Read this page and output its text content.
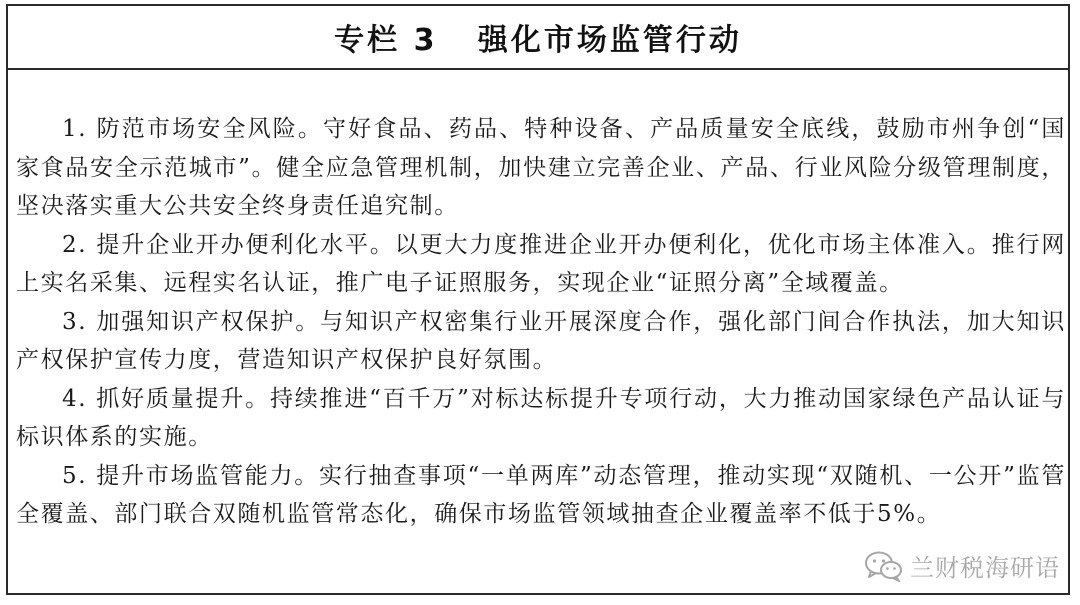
专栏 3   强化市场监管行动

1. 防范市场安全风险。守好食品、药品、特种设备、产品质量安全底线，鼓励市州争创“国家食品安全示范城市”。健全应急管理机制，加快建立完善企业、产品、行业风险分级管理制度，坚决落实重大公共安全终身责任追究制。

2. 提升企业开办便利化水平。以更大力度推进企业开办便利化，优化市场主体准入。推行网上实名采集、远程实名认证，推广电子证照服务，实现企业“证照分离”全域覆盖。

3. 加强知识产权保护。与知识产权密集行业开展深度合作，强化部门间合作执法，加大知识产权保护宣传力度，营造知识产权保护良好氛围。

4. 抓好质量提升。持续推进“百千万”对标达标提升专项行动，大力推动国家绿色产品认证与标识体系的实施。

5. 提升市场监管能力。实行抽查事项“一单两库”动态管理，推动实现“双随机、一公开”监管全覆盖、部门联合双随机监管常态化，确保市场监管领域抽查企业覆盖率不低于5%。

兰财税海研语
